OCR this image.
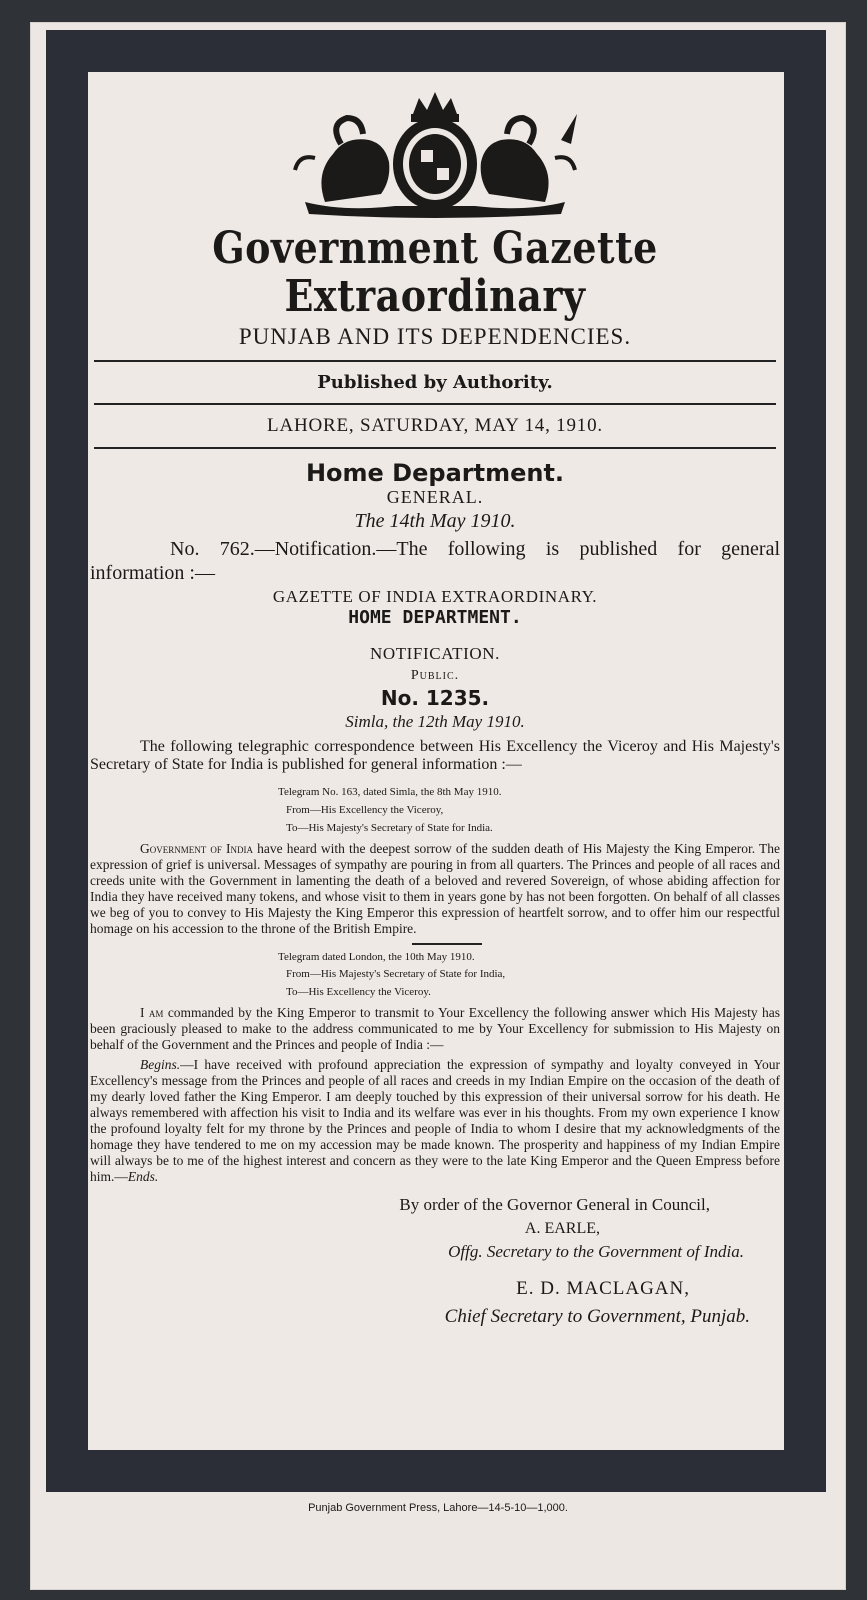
Government Gazette Extraordinary
PUNJAB AND ITS DEPENDENCIES.
Published by Authority.
LAHORE, SATURDAY, MAY 14, 1910.
Home Department.
GENERAL.
The 14th May 1910.

No. 762.—Notification.—The following is published for general information :—

GAZETTE OF INDIA EXTRAORDINARY.
HOME DEPARTMENT.
NOTIFICATION.
Public.
No. 1235.
Simla, the 12th May 1910.

The following telegraphic correspondence between His Excellency the Viceroy and His Majesty's Secretary of State for India is published for general information :—

Telegram No. 163, dated Simla, the 8th May 1910.
From—His Excellency the Viceroy,
To—His Majesty's Secretary of State for India.

Government of India have heard with the deepest sorrow of the sudden death of His Majesty the King Emperor. The expression of grief is universal. Messages of sympathy are pouring in from all quarters. The Princes and people of all races and creeds unite with the Government in lamenting the death of a beloved and revered Sovereign, of whose abiding affection for India they have received many tokens, and whose visit to them in years gone by has not been forgotten. On behalf of all classes we beg of you to convey to His Majesty the King Emperor this expression of heartfelt sorrow, and to offer him our respectful homage on his accession to the throne of the British Empire.

Telegram dated London, the 10th May 1910.
From—His Majesty's Secretary of State for India,
To—His Excellency the Viceroy.

I am commanded by the King Emperor to transmit to Your Excellency the following answer which His Majesty has been graciously pleased to make to the address communicated to me by Your Excellency for submission to His Majesty on behalf of the Government and the Princes and people of India :—

Begins.—I have received with profound appreciation the expression of sympathy and loyalty conveyed in Your Excellency's message from the Princes and people of all races and creeds in my Indian Empire on the occasion of the death of my dearly loved father the King Emperor. I am deeply touched by this expression of their universal sorrow for his death. He always remembered with affection his visit to India and its welfare was ever in his thoughts. From my own experience I know the profound loyalty felt for my throne by the Princes and people of India to whom I desire that my acknowledgments of the homage they have tendered to me on my accession may be made known. The prosperity and happiness of my Indian Empire will always be to me of the highest interest and concern as they were to the late King Emperor and the Queen Empress before him.—Ends.

By order of the Governor General in Council,
A. EARLE,
Offg. Secretary to the Government of India.
E. D. MACLAGAN,
Chief Secretary to Government, Punjab.
Punjab Government Press, Lahore—14-5-10—1,000.
